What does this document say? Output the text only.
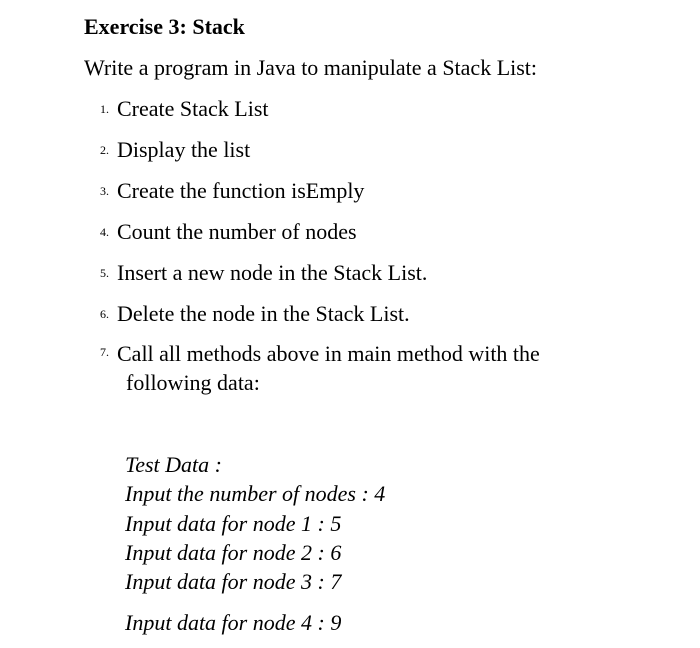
Exercise 3: Stack
Write a program in Java to manipulate a Stack List:
1. Create Stack List
2. Display the list
3. Create the function isEmply
4. Count the number of nodes
5. Insert a new node in the Stack List.
6. Delete the node in the Stack List.
7. Call all methods above in main method with the
following data:
Test Data :
Input the number of nodes : 4
Input data for node 1 : 5
Input data for node 2 : 6
Input data for node 3 : 7
Input data for node 4 : 9
